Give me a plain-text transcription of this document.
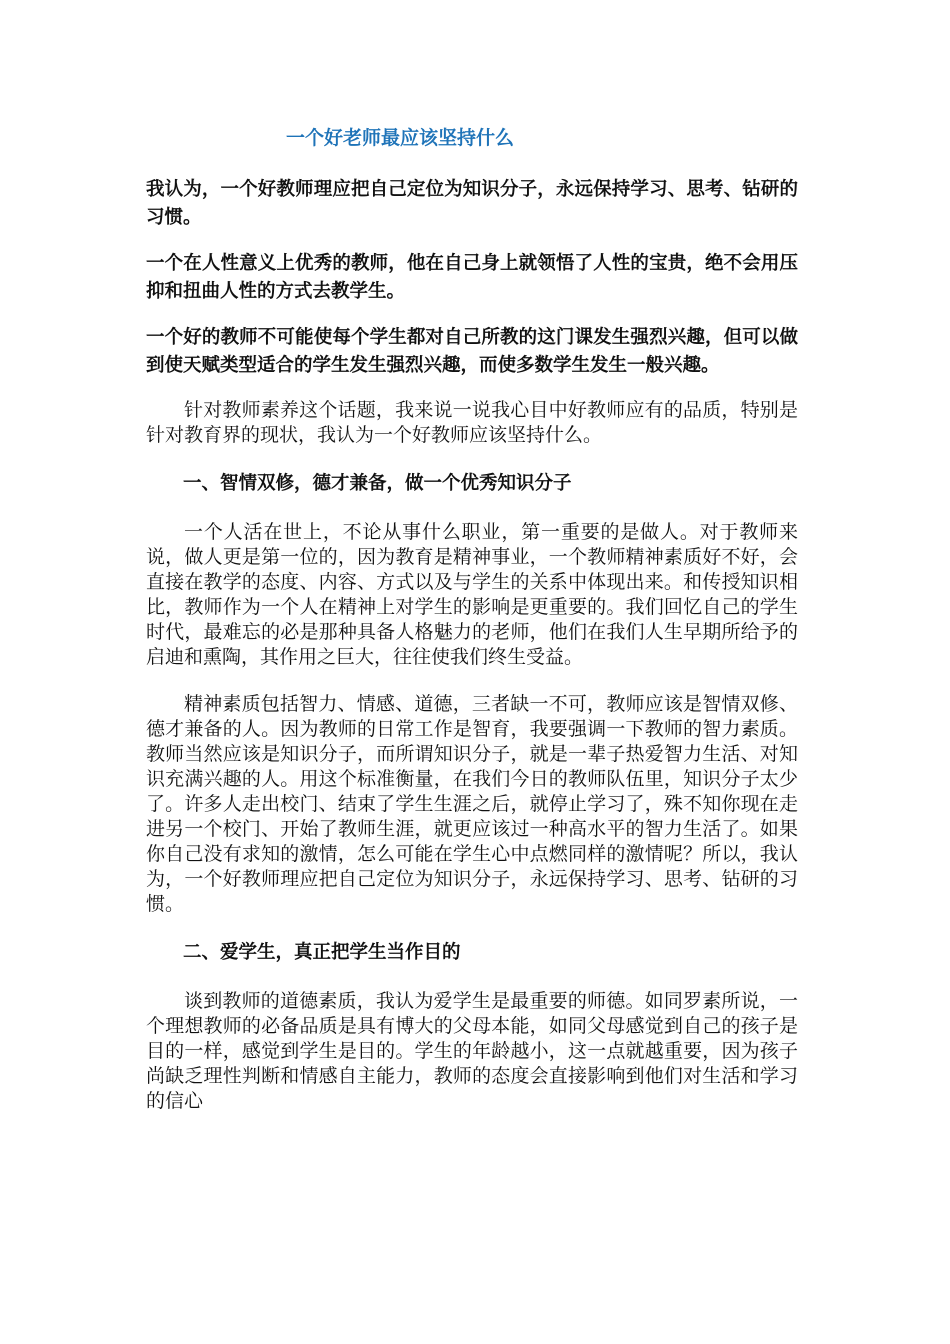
一个好老师最应该坚持什么

我认为，一个好教师理应把自己定位为知识分子，永远保持学习、思考、钻研的习惯。

一个在人性意义上优秀的教师，他在自己身上就领悟了人性的宝贵，绝不会用压抑和扭曲人性的方式去教学生。

一个好的教师不可能使每个学生都对自己所教的这门课发生强烈兴趣，但可以做到使天赋类型适合的学生发生强烈兴趣，而使多数学生发生一般兴趣。

针对教师素养这个话题，我来说一说我心目中好教师应有的品质，特别是针对教育界的现状，我认为一个好教师应该坚持什么。

一、智情双修，德才兼备，做一个优秀知识分子

一个人活在世上，不论从事什么职业，第一重要的是做人。对于教师来说，做人更是第一位的，因为教育是精神事业，一个教师精神素质好不好，会直接在教学的态度、内容、方式以及与学生的关系中体现出来。和传授知识相比，教师作为一个人在精神上对学生的影响是更重要的。我们回忆自己的学生时代，最难忘的必是那种具备人格魅力的老师，他们在我们人生早期所给予的启迪和熏陶，其作用之巨大，往往使我们终生受益。

精神素质包括智力、情感、道德，三者缺一不可，教师应该是智情双修、德才兼备的人。因为教师的日常工作是智育，我要强调一下教师的智力素质。教师当然应该是知识分子，而所谓知识分子，就是一辈子热爱智力生活、对知识充满兴趣的人。用这个标准衡量，在我们今日的教师队伍里，知识分子太少了。许多人走出校门、结束了学生生涯之后，就停止学习了，殊不知你现在走进另一个校门、开始了教师生涯，就更应该过一种高水平的智力生活了。如果你自己没有求知的激情，怎么可能在学生心中点燃同样的激情呢？所以，我认为，一个好教师理应把自己定位为知识分子，永远保持学习、思考、钻研的习惯。

二、爱学生，真正把学生当作目的

谈到教师的道德素质，我认为爱学生是最重要的师德。如同罗素所说，一个理想教师的必备品质是具有博大的父母本能，如同父母感觉到自己的孩子是目的一样，感觉到学生是目的。学生的年龄越小，这一点就越重要，因为孩子尚缺乏理性判断和情感自主能力，教师的态度会直接影响到他们对生活和学习的信心
